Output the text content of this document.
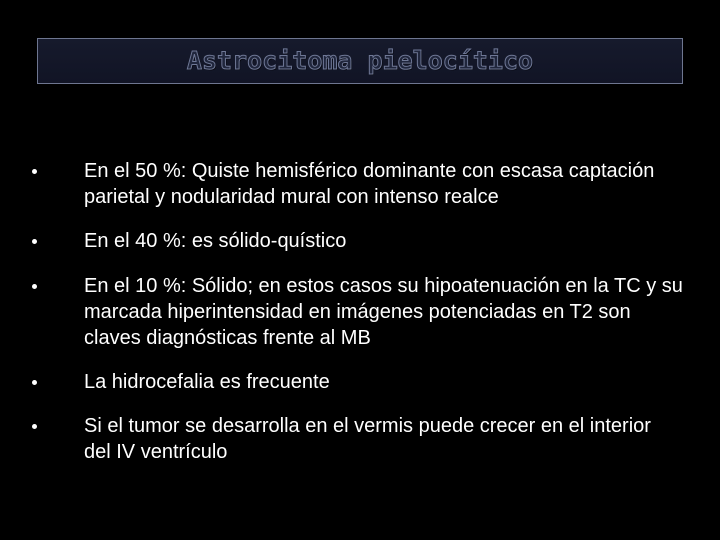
Astrocitoma pielocítico
En el 50 %: Quiste hemisférico dominante con escasa captación parietal y nodularidad mural con intenso realce
En el 40 %: es sólido-quístico
En el 10 %: Sólido; en estos casos su hipoatenuación en la TC y su marcada hiperintensidad en imágenes potenciadas en T2 son claves diagnósticas frente al MB
La hidrocefalia es frecuente
Si el tumor se desarrolla en el vermis puede crecer en el interior del IV ventrículo
